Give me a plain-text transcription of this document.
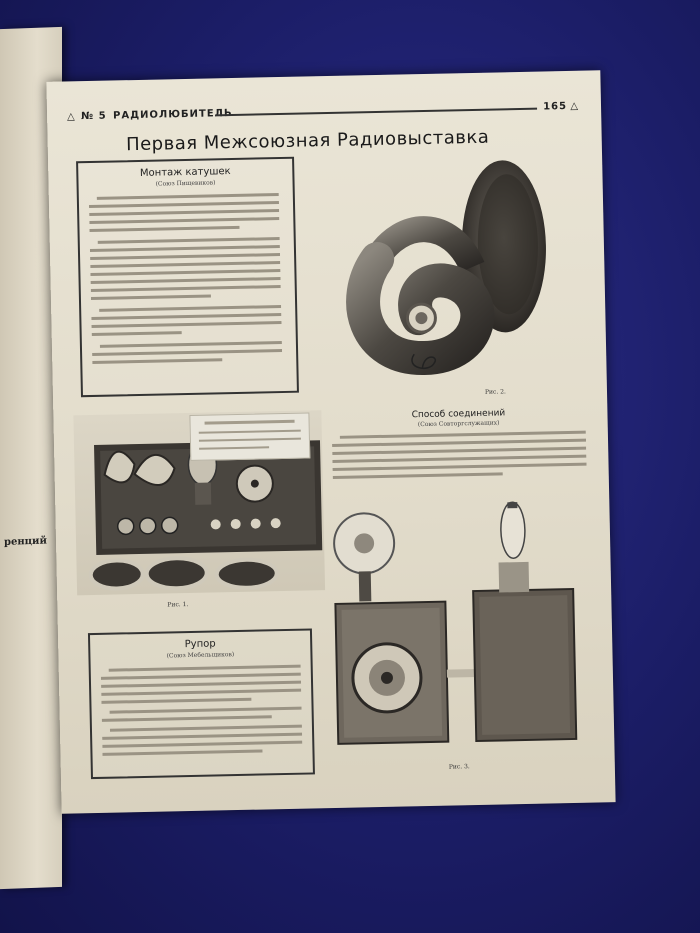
ренций
△ № 5 РАДИОЛЮБИТЕЛЬ
165 △
Первая Межсоюзная Радиовыставка
Монтаж катушек
(Союз Пищевиков)
Рис. 2.
Способ соединений
(Союз Совторгслужащих)
Рис. 1.
Рис. 3.
Рупор
(Союз Мебельщиков)
